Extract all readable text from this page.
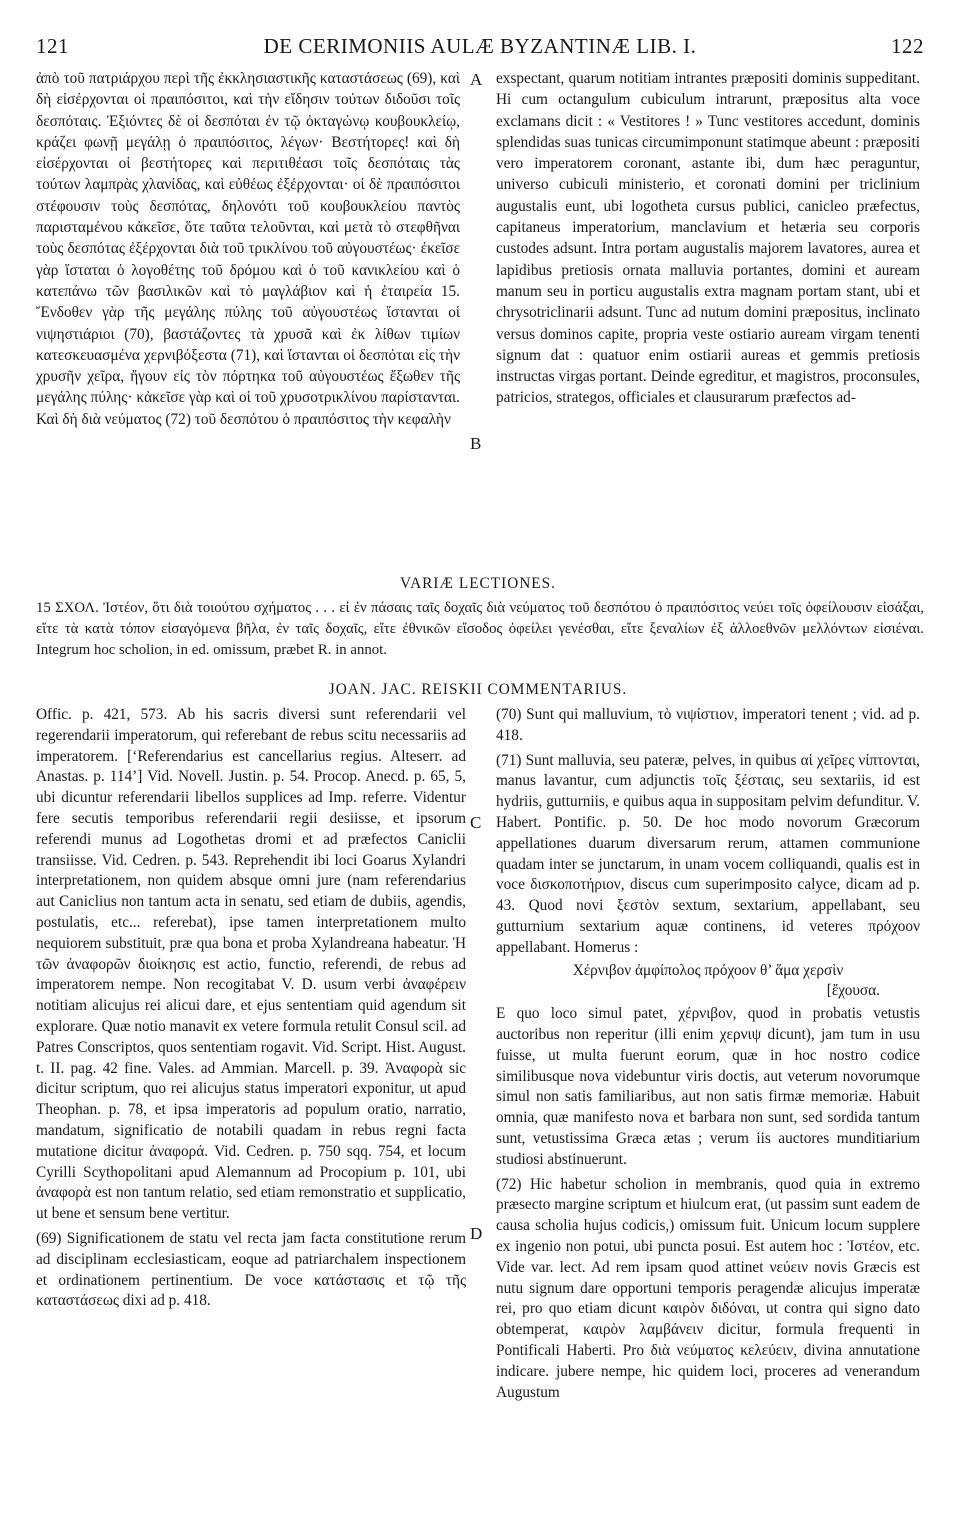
121	DE CERIMONIIS AULÆ BYZANTINÆ LIB. I.	122

ἀπὸ τοῦ πατριάρχου περὶ τῆς ἐκκλησιαστικῆς καταστάσεως (69), καὶ δὴ εἰσέρχονται οἱ πραιπόσιτοι, καὶ τὴν εἴδησιν τούτων διδοῦσι τοῖς δεσπόταις. Ἐξιόντες δὲ οἱ δεσπόται ἐν τῷ ὀκταγώνῳ κουβουκλείῳ, κράζει φωνῇ μεγάλῃ ὁ πραιπόσιτος, λέγων· Βεστήτορες! καὶ δὴ εἰσέρχονται οἱ βεστήτορες καὶ περιτιθέασι τοῖς δεσπόταις τὰς τούτων λαμπρὰς χλανίδας, καὶ εὐθέως ἐξέρχονται· οἱ δὲ πραιπόσιτοι στέφουσιν τοὺς δεσπότας, δηλονότι τοῦ κουβουκλείου παντὸς παρισταμένου κἀκεῖσε, ὅτε ταῦτα τελοῦνται, καὶ μετὰ τὸ στεφθῆναι τοὺς δεσπότας ἐξέρχονται διὰ τοῦ τρικλίνου τοῦ αὐγουστέως· ἐκεῖσε γὰρ ἵσταται ὁ λογοθέτης τοῦ δρόμου καὶ ὁ τοῦ κανικλείου καὶ ὁ κατεπάνω τῶν βασιλικῶν καὶ τὸ μαγλάβιον καὶ ἡ ἑταιρεία 15. Ἔνδοθεν γὰρ τῆς μεγάλης πύλης τοῦ αὐγουστέως ἵστανται οἱ νιψηστιάριοι (70), βαστάζοντες τὰ χρυσᾶ καὶ ἐκ λίθων τιμίων κατεσκευασμένα χερνιβόξεστα (71), καὶ ἵστανται οἱ δεσπόται εἰς τὴν χρυσῆν χεῖρα, ἤγουν εἰς τὸν πόρτηκα τοῦ αὐγουστέως ἔξωθεν τῆς μεγάλης πύλης· κἀκεῖσε γὰρ καὶ οἱ τοῦ χρυσοτρικλίνου παρίστανται. Καὶ δὴ διὰ νεύματος (72) τοῦ δεσπότου ὁ πραιπόσιτος τὴν κεφαλὴν

A
B
C
D

exspectant, quarum notitiam intrantes præpositi dominis suppeditant. Hi cum octangulum cubiculum intrarunt, præpositus alta voce exclamans dicit : « Vestitores ! » Tunc vestitores accedunt, dominis splendidas suas tunicas circumimponunt statimque abeunt : præpositi vero imperatorem coronant, astante ibi, dum hæc peraguntur, universo cubiculi ministerio, et coronati domini per triclinium augustalis eunt, ubi logotheta cursus publici, canicleo præfectus, capitaneus imperatorium, manclavium et hetæria seu corporis custodes adsunt. Intra portam augustalis majorem lavatores, aurea et lapidibus pretiosis ornata malluvia portantes, domini et auream manum seu in porticu augustalis extra magnam portam stant, ubi et chrysotriclinarii adsunt. Tunc ad nutum domini præpositus, inclinato versus dominos capite, propria veste ostiario auream virgam tenenti signum dat : quatuor enim ostiarii aureas et gemmis pretiosis instructas virgas portant. Deinde egreditur, et magistros, proconsules, patricios, strategos, officiales et clausurarum præfectos ad-

VARIÆ LECTIONES.
15 ΣΧΟΛ. Ἰστέον, ὅτι διὰ τοιούτου σχήματος . . . εἰ ἐν πάσαις ταῖς δοχαῖς διὰ νεύματος τοῦ δεσπότου ὁ πραιπόσιτος νεύει τοῖς ὀφείλουσιν εἰσάξαι, εἴτε τὰ κατὰ τόπον εἰσαγόμενα βῆλα, ἐν ταῖς δοχαῖς, εἴτε ἐθνικῶν εἴσοδος ὀφείλει γενέσθαι, εἴτε ξεναλίων ἐξ ἀλλοεθνῶν μελλόντων εἰσιέναι. Integrum hoc scholion, in ed. omissum, præbet R. in annot.
JOAN. JAC. REISKII COMMENTARIUS.

Offic. p. 421, 573. Ab his sacris diversi sunt referendarii vel regerendarii imperatorum, qui referebant de rebus scitu necessariis ad imperatorem. [‘Referendarius est cancellarius regius. Alteserr. ad Anastas. p. 114’] Vid. Novell. Justin. p. 54. Procop. Anecd. p. 65, 5, ubi dicuntur referendarii libellos supplices ad Imp. referre. Videntur fere secutis temporibus referendarii regii desiisse, et ipsorum referendi munus ad Logothetas dromi et ad præfectos Caniclii transiisse. Vid. Cedren. p. 543. Reprehendit ibi loci Goarus Xylandri interpretationem, non quidem absque omni jure (nam referendarius aut Caniclius non tantum acta in senatu, sed etiam de dubiis, agendis, postulatis, etc... referebat), ipse tamen interpretationem multo nequiorem substituit, præ qua bona et proba Xylandreana habeatur. Ἡ τῶν ἀναφορῶν διοίκησις est actio, functio, referendi, de rebus ad imperatorem nempe. Non recogitabat V. D. usum verbi ἀναφέρειν notitiam alicujus rei alicui dare, et ejus sententiam quid agendum sit explorare. Quæ notio manavit ex vetere formula retulit Consul scil. ad Patres Conscriptos, quos sententiam rogavit. Vid. Script. Hist. August. t. II. pag. 42 fine. Vales. ad Ammian. Marcell. p. 39. Ἀναφορὰ sic dicitur scriptum, quo rei alicujus status imperatori exponitur, ut apud Theophan. p. 78, et ipsa imperatoris ad populum oratio, narratio, mandatum, significatio de notabili quadam in rebus regni facta mutatione dicitur ἀναφορά. Vid. Cedren. p. 750 sqq. 754, et locum Cyrilli Scythopolitani apud Alemannum ad Procopium p. 101, ubi ἀναφορὰ est non tantum relatio, sed etiam remonstratio et supplicatio, ut bene et sensum bene vertitur.

(69) Significationem de statu vel recta jam facta constitutione rerum ad disciplinam ecclesiasticam, eoque ad patriarchalem inspectionem et ordinationem pertinentium. De voce κατάστασις et τῷ τῆς καταστάσεως dixi ad p. 418.

(70) Sunt qui malluvium, τὸ νιψίστιον, imperatori tenent ; vid. ad p. 418.

(71) Sunt malluvia, seu pateræ, pelves, in quibus αἱ χεῖρες νίπτονται, manus lavantur, cum adjunctis τοῖς ξέσταις, seu sextariis, id est hydriis, gutturniis, e quibus aqua in suppositam pelvim defunditur. V. Habert. Pontific. p. 50. De hoc modo novorum Græcorum appellationes duarum diversarum rerum, attamen communione quadam inter se junctarum, in unam vocem colliquandi, qualis est in voce δισκοποτήριον, discus cum superimposito calyce, dicam ad p. 43. Quod novi ξεστὸν sextum, sextarium, appellabant, seu gutturnium sextarium aquæ continens, id veteres πρόχοον appellabant. Homerus :

Χέρνιβον ἀμφίπολος πρόχοον θ’ ἅμα χερσὶν
[ἔχουσα.

E quo loco simul patet, χέρνιβον, quod in probatis vetustis auctoribus non reperitur (illi enim χερνιψ dicunt), jam tum in usu fuisse, ut multa fuerunt eorum, quæ in hoc nostro codice similibusque nova videbuntur viris doctis, aut veterum novorumque simul non satis familiaribus, aut non satis firmæ memoriæ. Habuit omnia, quæ manifesto nova et barbara non sunt, sed sordida tantum sunt, vetustissima Græca ætas ; verum iis auctores munditiarium studiosi abstinuerunt.

(72) Hic habetur scholion in membranis, quod quia in extremo præsecto margine scriptum et hiulcum erat, (ut passim sunt eadem de causa scholia hujus codicis,) omissum fuit. Unicum locum supplere ex ingenio non potui, ubi puncta posui. Est autem hoc : Ἰστέον, etc. Vide var. lect. Ad rem ipsam quod attinet νεύειν novis Græcis est nutu signum dare opportuni temporis peragendæ alicujus imperatæ rei, pro quo etiam dicunt καιρὸν διδόναι, ut contra qui signo dato obtemperat, καιρὸν λαμβάνειν dicitur, formula frequenti in Pontificali Haberti. Pro διὰ νεύματος κελεύειν, divina annutatione indicare. jubere nempe, hic quidem loci, proceres ad venerandum Augustum
